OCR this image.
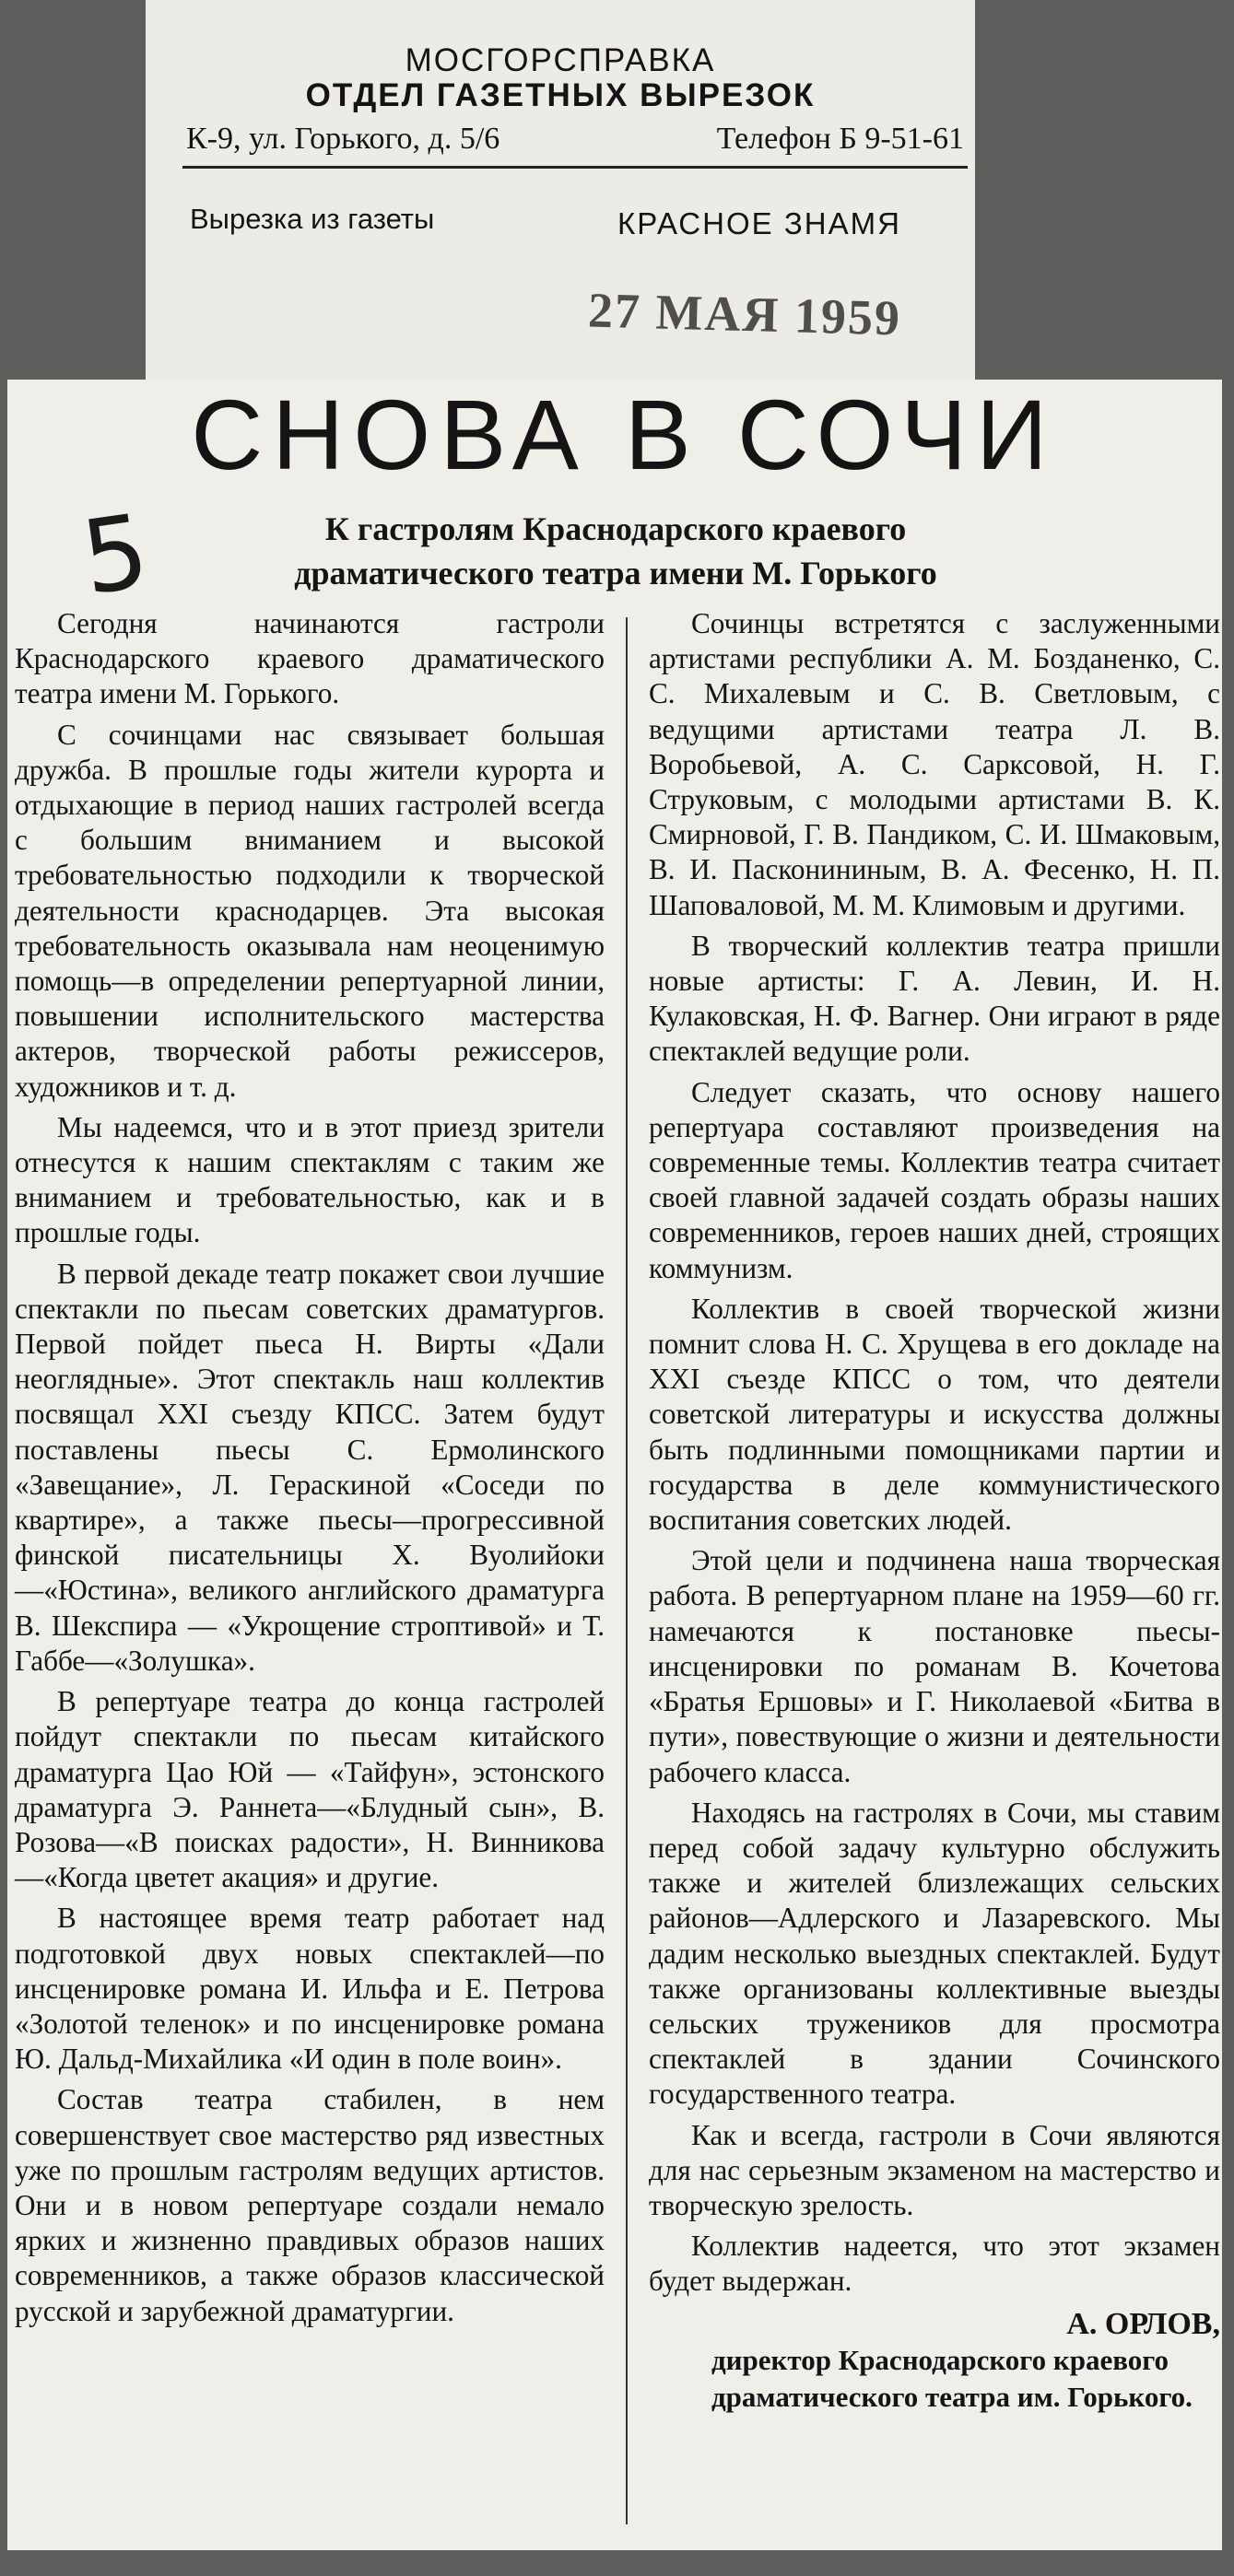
МОСГОРСПРАВКА
ОТДЕЛ ГАЗЕТНЫХ ВЫРЕЗОК
К-9, ул. Горького, д. 5/6	Телефон Б 9-51-61
Вырезка из газеты	КРАСНОЕ ЗНАМЯ
27 МАЯ 1959
СНОВА В СОЧИ
5	К гастролям Краснодарского краевого
драматического театра имени М. Горького

Сегодня начинаются гастроли Краснодарского краевого драматического театра имени М. Горького.

С сочинцами нас связывает большая дружба. В прошлые годы жители курорта и отдыхающие в период наших гастролей всегда с большим вниманием и высокой требовательностью подходили к творческой деятельности краснодарцев. Эта высокая требовательность оказывала нам неоценимую помощь—в определении репертуарной линии, повышении исполнительского мастерства актеров, творческой работы режиссеров, художников и т. д.

Мы надеемся, что и в этот приезд зрители отнесутся к нашим спектаклям с таким же вниманием и требовательностью, как и в прошлые годы.

В первой декаде театр покажет свои лучшие спектакли по пьесам советских драматургов. Первой пойдет пьеса Н. Вирты «Дали неоглядные». Этот спектакль наш коллектив посвящал XXI съезду КПСС. Затем будут поставлены пьесы С. Ермолинского «Завещание», Л. Гераскиной «Соседи по квартире», а также пьесы—прогрессивной финской писательницы Х. Вуолийоки—«Юстина», великого английского драматурга В. Шекспира — «Укрощение строптивой» и Т. Габбе—«Золушка».

В репертуаре театра до конца гастролей пойдут спектакли по пьесам китайского драматурга Цао Юй — «Тайфун», эстонского драматурга Э. Раннета—«Блудный сын», В. Розова—«В поисках радости», Н. Винникова—«Когда цветет акация» и другие.

В настоящее время театр работает над подготовкой двух новых спектаклей—по инсценировке романа И. Ильфа и Е. Петрова «Золотой теленок» и по инсценировке романа Ю. Дальд-Михайлика «И один в поле воин».

Состав театра стабилен, в нем совершенствует свое мастерство ряд известных уже по прошлым гастролям ведущих артистов. Они и в новом репертуаре создали немало ярких и жизненно правдивых образов наших современников, а также образов классической русской и зарубежной драматургии.

Сочинцы встретятся с заслуженными артистами республики А. М. Бозданенко, С. С. Михалевым и С. В. Светловым, с ведущими артистами театра Л. В. Воробьевой, А. С. Сарксовой, Н. Г. Струковым, с молодыми артистами В. К. Смирновой, Г. В. Пандиком, С. И. Шмаковым, В. И. Пасконининым, В. А. Фесенко, Н. П. Шаповаловой, М. М. Климовым и другими.

В творческий коллектив театра пришли новые артисты: Г. А. Левин, И. Н. Кулаковская, Н. Ф. Вагнер. Они играют в ряде спектаклей ведущие роли.

Следует сказать, что основу нашего репертуара составляют произведения на современные темы. Коллектив театра считает своей главной задачей создать образы наших современников, героев наших дней, строящих коммунизм.

Коллектив в своей творческой жизни помнит слова Н. С. Хрущева в его докладе на XXI съезде КПСС о том, что деятели советской литературы и искусства должны быть подлинными помощниками партии и государства в деле коммунистического воспитания советских людей.

Этой цели и подчинена наша творческая работа. В репертуарном плане на 1959—60 гг. намечаются к постановке пьесы-инсценировки по романам В. Кочетова «Братья Ершовы» и Г. Николаевой «Битва в пути», повествующие о жизни и деятельности рабочего класса.

Находясь на гастролях в Сочи, мы ставим перед собой задачу культурно обслужить также и жителей близлежащих сельских районов—Адлерского и Лазаревского. Мы дадим несколько выездных спектаклей. Будут также организованы коллективные выезды сельских тружеников для просмотра спектаклей в здании Сочинского государственного театра.

Как и всегда, гастроли в Сочи являются для нас серьезным экзаменом на мастерство и творческую зрелость.

Коллектив надеется, что этот экзамен будет выдержан.

А. ОРЛОВ,
директор Краснодарского краевого драматического театра им. Горького.
